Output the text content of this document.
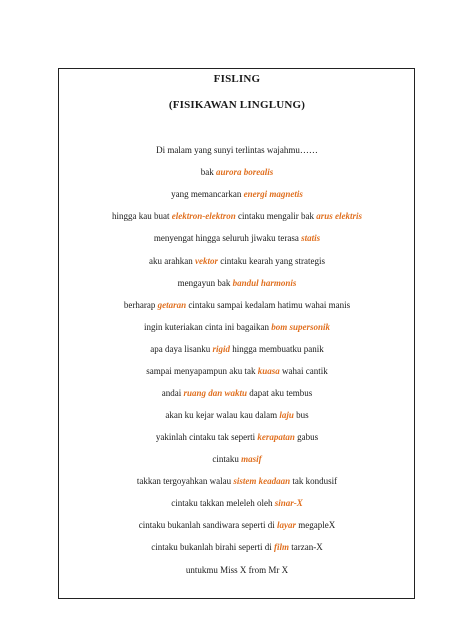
FISLING
(FISIKAWAN LINGLUNG)
Di malam yang sunyi terlintas wajahmu……
bak aurora borealis
yang memancarkan energi magnetis
hingga kau buat elektron-elektron cintaku mengalir bak arus elektris
menyengat hingga seluruh jiwaku terasa statis
aku arahkan vektor cintaku kearah yang strategis
mengayun bak bandul harmonis
berharap getaran cintaku sampai kedalam hatimu wahai manis
ingin kuteriakan cinta ini bagaikan bom supersonik
apa daya lisanku rigid hingga membuatku panik
sampai menyapampun aku tak kuasa wahai cantik
andai ruang dan waktu dapat aku tembus
akan ku kejar walau kau dalam laju bus
yakinlah cintaku tak seperti kerapatan gabus
cintaku masif
takkan tergoyahkan walau sistem keadaan tak kondusif
cintaku takkan meleleh oleh sinar-X
cintaku bukanlah sandiwara seperti di layar megapleX
cintaku bukanlah birahi seperti di film tarzan-X
untukmu Miss X from Mr X
